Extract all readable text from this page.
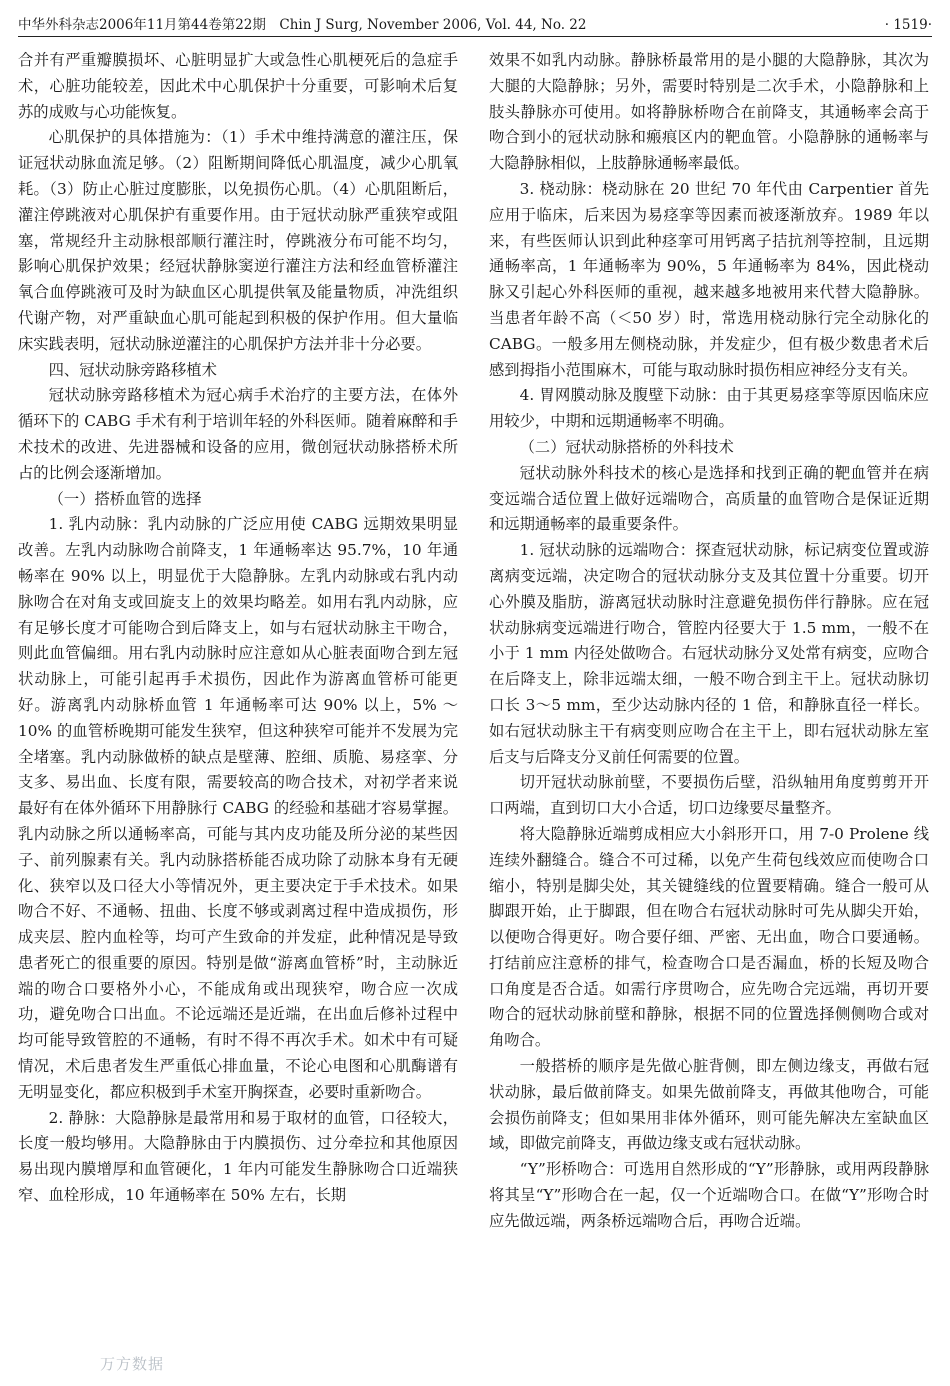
中华外科杂志2006年11月第44卷第22期　Chin J Surg, November 2006, Vol. 44, No. 22	· 1519·

合并有严重瓣膜损坏、心脏明显扩大或急性心肌梗死后的急症手术，心脏功能较差，因此术中心肌保护十分重要，可影响术后复苏的成败与心功能恢复。

心肌保护的具体措施为：（1）手术中维持满意的灌注压，保证冠状动脉血流足够。（2）阻断期间降低心肌温度，减少心肌氧耗。（3）防止心脏过度膨胀，以免损伤心肌。（4）心肌阻断后，灌注停跳液对心肌保护有重要作用。由于冠状动脉严重狭窄或阻塞，常规经升主动脉根部顺行灌注时，停跳液分布可能不均匀，影响心肌保护效果；经冠状静脉窦逆行灌注方法和经血管桥灌注氧合血停跳液可及时为缺血区心肌提供氧及能量物质，冲洗组织代谢产物，对严重缺血心肌可能起到积极的保护作用。但大量临床实践表明，冠状动脉逆灌注的心肌保护方法并非十分必要。

四、冠状动脉旁路移植术

冠状动脉旁路移植术为冠心病手术治疗的主要方法，在体外循环下的 CABG 手术有利于培训年轻的外科医师。随着麻醉和手术技术的改进、先进器械和设备的应用，微创冠状动脉搭桥术所占的比例会逐渐增加。

（一）搭桥血管的选择

1. 乳内动脉：乳内动脉的广泛应用使 CABG 远期效果明显改善。左乳内动脉吻合前降支，1 年通畅率达 95.7%，10 年通畅率在 90% 以上，明显优于大隐静脉。左乳内动脉或右乳内动脉吻合在对角支或回旋支上的效果均略差。如用右乳内动脉，应有足够长度才可能吻合到后降支上，如与右冠状动脉主干吻合，则此血管偏细。用右乳内动脉时应注意如从心脏表面吻合到左冠状动脉上，可能引起再手术损伤，因此作为游离血管桥可能更好。游离乳内动脉桥血管 1 年通畅率可达 90% 以上，5% ～10% 的血管桥晚期可能发生狭窄，但这种狭窄可能并不发展为完全堵塞。乳内动脉做桥的缺点是壁薄、腔细、质脆、易痉挛、分支多、易出血、长度有限，需要较高的吻合技术，对初学者来说最好有在体外循环下用静脉行 CABG 的经验和基础才容易掌握。乳内动脉之所以通畅率高，可能与其内皮功能及所分泌的某些因子、前列腺素有关。乳内动脉搭桥能否成功除了动脉本身有无硬化、狭窄以及口径大小等情况外，更主要决定于手术技术。如果吻合不好、不通畅、扭曲、长度不够或剥离过程中造成损伤，形成夹层、腔内血栓等，均可产生致命的并发症，此种情况是导致患者死亡的很重要的原因。特别是做“游离血管桥”时，主动脉近端的吻合口要格外小心，不能成角或出现狭窄，吻合应一次成功，避免吻合口出血。不论远端还是近端，在出血后修补过程中均可能导致管腔的不通畅，有时不得不再次手术。如术中有可疑情况，术后患者发生严重低心排血量，不论心电图和心肌酶谱有无明显变化，都应积极到手术室开胸探查，必要时重新吻合。

2. 静脉：大隐静脉是最常用和易于取材的血管，口径较大，长度一般均够用。大隐静脉由于内膜损伤、过分牵拉和其他原因易出现内膜增厚和血管硬化，1 年内可能发生静脉吻合口近端狭窄、血栓形成，10 年通畅率在 50% 左右，长期

效果不如乳内动脉。静脉桥最常用的是小腿的大隐静脉，其次为大腿的大隐静脉；另外，需要时特别是二次手术，小隐静脉和上肢头静脉亦可使用。如将静脉桥吻合在前降支，其通畅率会高于吻合到小的冠状动脉和瘢痕区内的靶血管。小隐静脉的通畅率与大隐静脉相似，上肢静脉通畅率最低。

3. 桡动脉：桡动脉在 20 世纪 70 年代由 Carpentier 首先应用于临床，后来因为易痉挛等因素而被逐渐放弃。1989 年以来，有些医师认识到此种痉挛可用钙离子拮抗剂等控制，且远期通畅率高，1 年通畅率为 90%，5 年通畅率为 84%，因此桡动脉又引起心外科医师的重视，越来越多地被用来代替大隐静脉。当患者年龄不高（＜50 岁）时，常选用桡动脉行完全动脉化的 CABG。一般多用左侧桡动脉，并发症少，但有极少数患者术后感到拇指小范围麻木，可能与取动脉时损伤相应神经分支有关。

4. 胃网膜动脉及腹壁下动脉：由于其更易痉挛等原因临床应用较少，中期和远期通畅率不明确。

（二）冠状动脉搭桥的外科技术

冠状动脉外科技术的核心是选择和找到正确的靶血管并在病变远端合适位置上做好远端吻合，高质量的血管吻合是保证近期和远期通畅率的最重要条件。

1. 冠状动脉的远端吻合：探查冠状动脉，标记病变位置或游离病变远端，决定吻合的冠状动脉分支及其位置十分重要。切开心外膜及脂肪，游离冠状动脉时注意避免损伤伴行静脉。应在冠状动脉病变远端进行吻合，管腔内径要大于 1.5 mm，一般不在小于 1 mm 内径处做吻合。右冠状动脉分叉处常有病变，应吻合在后降支上，除非远端太细，一般不吻合到主干上。冠状动脉切口长 3～5 mm，至少达动脉内径的 1 倍，和静脉直径一样长。如右冠状动脉主干有病变则应吻合在主干上，即右冠状动脉左室后支与后降支分叉前任何需要的位置。

切开冠状动脉前壁，不要损伤后壁，沿纵轴用角度剪剪开开口两端，直到切口大小合适，切口边缘要尽量整齐。

将大隐静脉近端剪成相应大小斜形开口，用 7-0 Prolene 线连续外翻缝合。缝合不可过稀，以免产生荷包线效应而使吻合口缩小，特别是脚尖处，其关键缝线的位置要精确。缝合一般可从脚跟开始，止于脚跟，但在吻合右冠状动脉时可先从脚尖开始，以便吻合得更好。吻合要仔细、严密、无出血，吻合口要通畅。打结前应注意桥的排气，检查吻合口是否漏血，桥的长短及吻合口角度是否合适。如需行序贯吻合，应先吻合完远端，再切开要吻合的冠状动脉前壁和静脉，根据不同的位置选择侧侧吻合或对角吻合。

一般搭桥的顺序是先做心脏背侧，即左侧边缘支，再做右冠状动脉，最后做前降支。如果先做前降支，再做其他吻合，可能会损伤前降支；但如果用非体外循环，则可能先解决左室缺血区域，即做完前降支，再做边缘支或右冠状动脉。

“Y”形桥吻合：可选用自然形成的“Y”形静脉，或用两段静脉将其呈“Y”形吻合在一起，仅一个近端吻合口。在做“Y”形吻合时应先做远端，两条桥远端吻合后，再吻合近端。

万方数据
